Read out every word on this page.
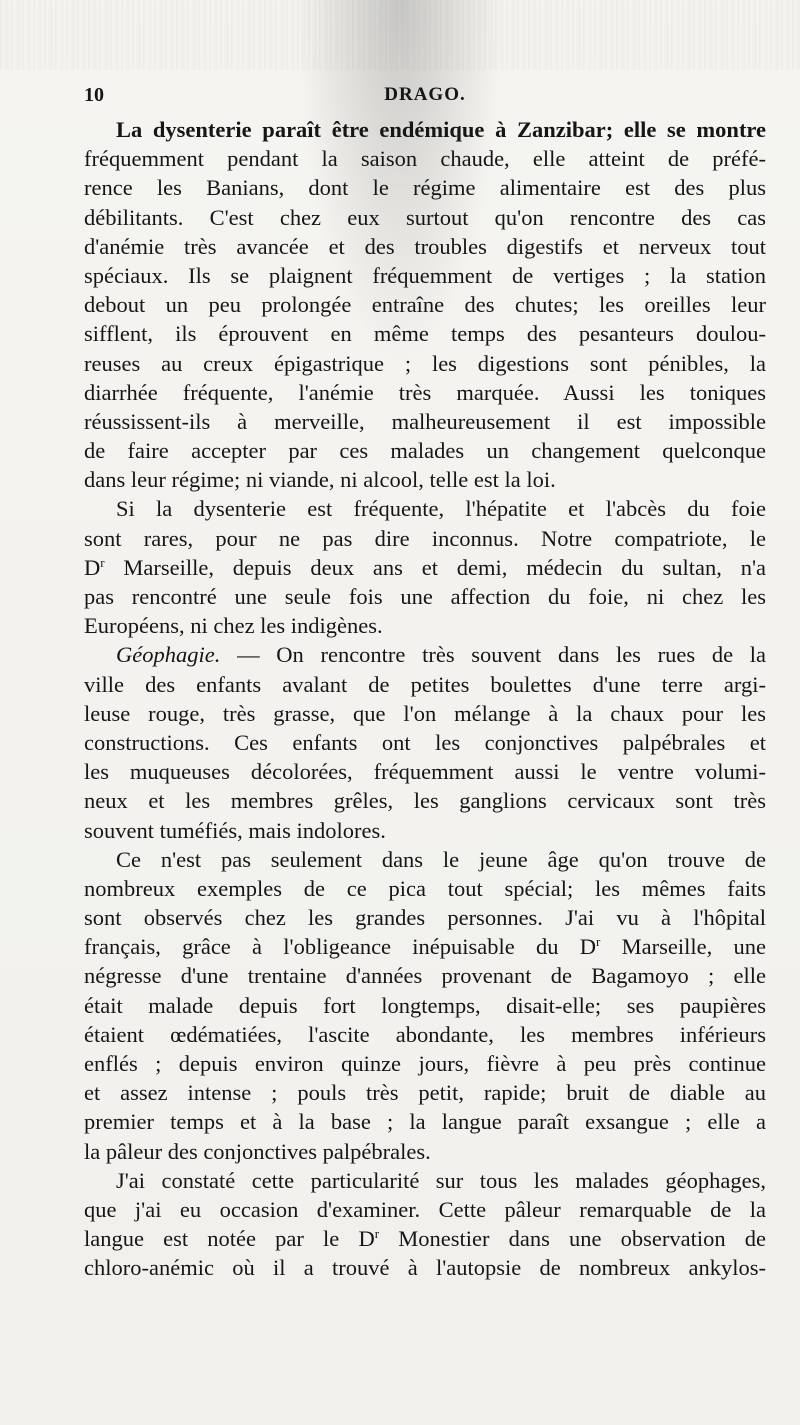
10	DRAGO.
La dysenterie paraît être endémique à Zanzibar; elle se montre
fréquemment pendant la saison chaude, elle atteint de préfé-
rence les Banians, dont le régime alimentaire est des plus
débilitants. C'est chez eux surtout qu'on rencontre des cas
d'anémie très avancée et des troubles digestifs et nerveux tout
spéciaux. Ils se plaignent fréquemment de vertiges ; la station
debout un peu prolongée entraîne des chutes; les oreilles leur
sifflent, ils éprouvent en même temps des pesanteurs doulou-
reuses au creux épigastrique ; les digestions sont pénibles, la
diarrhée fréquente, l'anémie très marquée. Aussi les toniques
réussissent-ils à merveille, malheureusement il est impossible
de faire accepter par ces malades un changement quelconque
dans leur régime; ni viande, ni alcool, telle est la loi.
Si la dysenterie est fréquente, l'hépatite et l'abcès du foie
sont rares, pour ne pas dire inconnus. Notre compatriote, le
$D^r$ Marseille, depuis deux ans et demi, médecin du sultan, n'a
pas rencontré une seule fois une affection du foie, ni chez les
Européens, ni chez les indigènes.
Géophagie. — On rencontre très souvent dans les rues de la
ville des enfants avalant de petites boulettes d'une terre argi-
leuse rouge, très grasse, que l'on mélange à la chaux pour les
constructions. Ces enfants ont les conjonctives palpébrales et
les muqueuses décolorées, fréquemment aussi le ventre volumi-
neux et les membres grêles, les ganglions cervicaux sont très
souvent tuméfiés, mais indolores.
Ce n'est pas seulement dans le jeune âge qu'on trouve de
nombreux exemples de ce pica tout spécial; les mêmes faits
sont observés chez les grandes personnes. J'ai vu à l'hôpital
français, grâce à l'obligeance inépuisable du $D^r$ Marseille, une
négresse d'une trentaine d'années provenant de Bagamoyo ; elle
était malade depuis fort longtemps, disait-elle; ses paupières
étaient œdématiées, l'ascite abondante, les membres inférieurs
enflés ; depuis environ quinze jours, fièvre à peu près continue
et assez intense ; pouls très petit, rapide; bruit de diable au
premier temps et à la base ; la langue paraît exsangue ; elle a
la pâleur des conjonctives palpébrales.
J'ai constaté cette particularité sur tous les malades géophages,
que j'ai eu occasion d'examiner. Cette pâleur remarquable de la
langue est notée par le $D^r$ Monestier dans une observation de
chloro-anémic où il a trouvé à l'autopsie de nombreux ankylos-
